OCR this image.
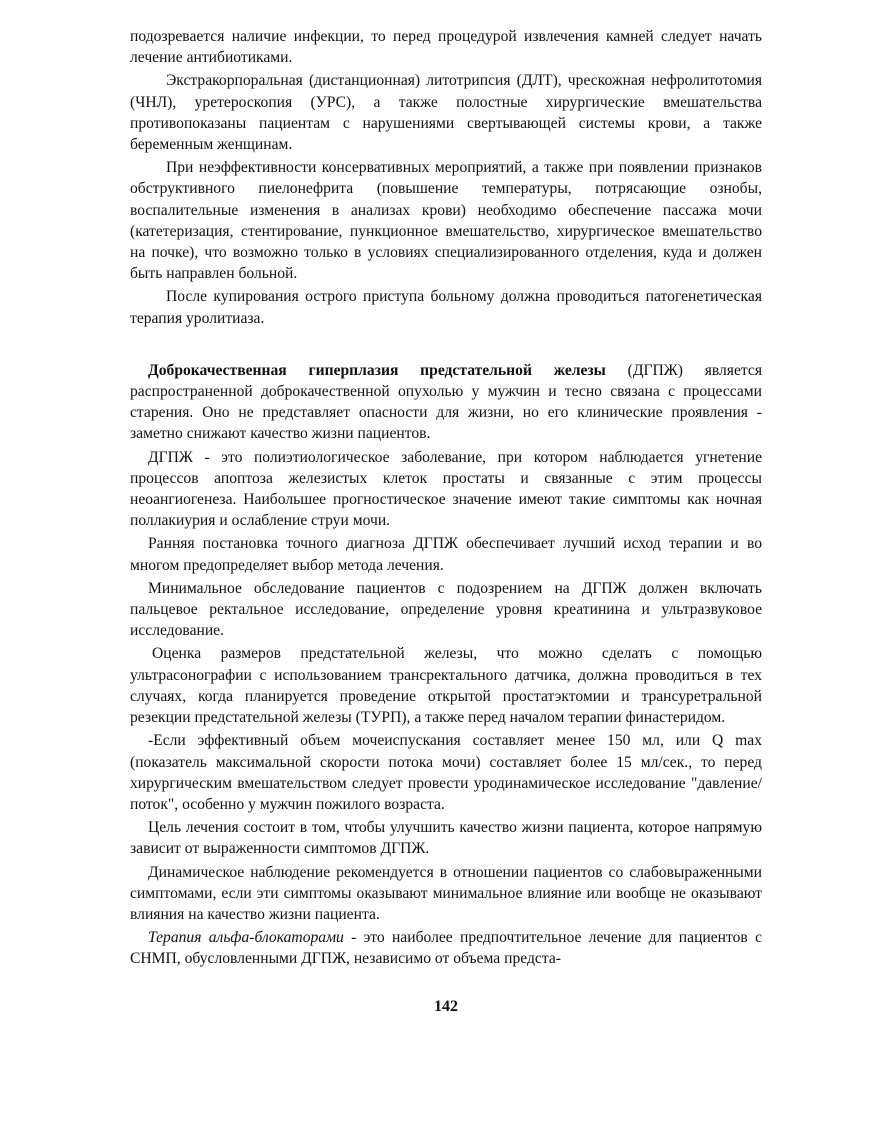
подозревается наличие инфекции, то перед процедурой извлечения камней следует начать лечение антибиотиками.

Экстракорпоральная (дистанционная) литотрипсия (ДЛТ), чрескожная нефролитотомия (ЧНЛ), уретероскопия (УРС), а также полостные хирургические вмешательства противопоказаны пациентам с нарушениями свертывающей системы крови, а также беременным женщинам.

При неэффективности консервативных мероприятий, а также при появлении признаков обструктивного пиелонефрита (повышение температуры, потрясающие ознобы, воспалительные изменения в анализах крови) необходимо обеспечение пассажа мочи (катетеризация, стентирование, пункционное вмешательство, хирургическое вмешательство на почке), что возможно только в условиях специализированного отделения, куда и должен быть направлен больной.

После купирования острого приступа больному должна проводиться патогенетическая терапия уролитиаза.

Доброкачественная гиперплазия предстательной железы (ДГПЖ) является распространенной доброкачественной опухолью у мужчин и тесно связана с процессами старения. Оно не представляет опасности для жизни, но его клинические проявления - заметно снижают качество жизни пациентов.

ДГПЖ - это полиэтиологическое заболевание, при котором наблюдается угнетение процессов апоптоза железистых клеток простаты и связанные с этим процессы неоангиогенеза. Наибольшее прогностическое значение имеют такие симптомы как ночная поллакиурия и ослабление струи мочи.

Ранняя постановка точного диагноза ДГПЖ обеспечивает лучший исход терапии и во многом предопределяет выбор метода лечения.

Минимальное обследование пациентов с подозрением на ДГПЖ должен включать пальцевое ректальное исследование, определение уровня креатинина и ультразвуковое исследование.

Оценка размеров предстательной железы, что можно сделать с помощью ультрасонографии с использованием трансректального датчика, должна проводиться в тех случаях, когда планируется проведение открытой простатэктомии и трансуретральной резекции предстательной железы (ТУРП), а также перед началом терапии финастеридом.

-Если эффективный объем мочеиспускания составляет менее 150 мл, или Q max (показатель максимальной скорости потока мочи) составляет более 15 мл/сек., то перед хирургическим вмешательством следует провести уродинамическое исследование "давление/поток", особенно у мужчин пожилого возраста.

Цель лечения состоит в том, чтобы улучшить качество жизни пациента, которое напрямую зависит от выраженности симптомов ДГПЖ.

Динамическое наблюдение рекомендуется в отношении пациентов со слабовыраженными симптомами, если эти симптомы оказывают минимальное влияние или вообще не оказывают влияния на качество жизни пациента.

Терапия альфа-блокаторами - это наиболее предпочтительное лечение для пациентов с СНМП, обусловленными ДГПЖ, независимо от объема предста-

142
